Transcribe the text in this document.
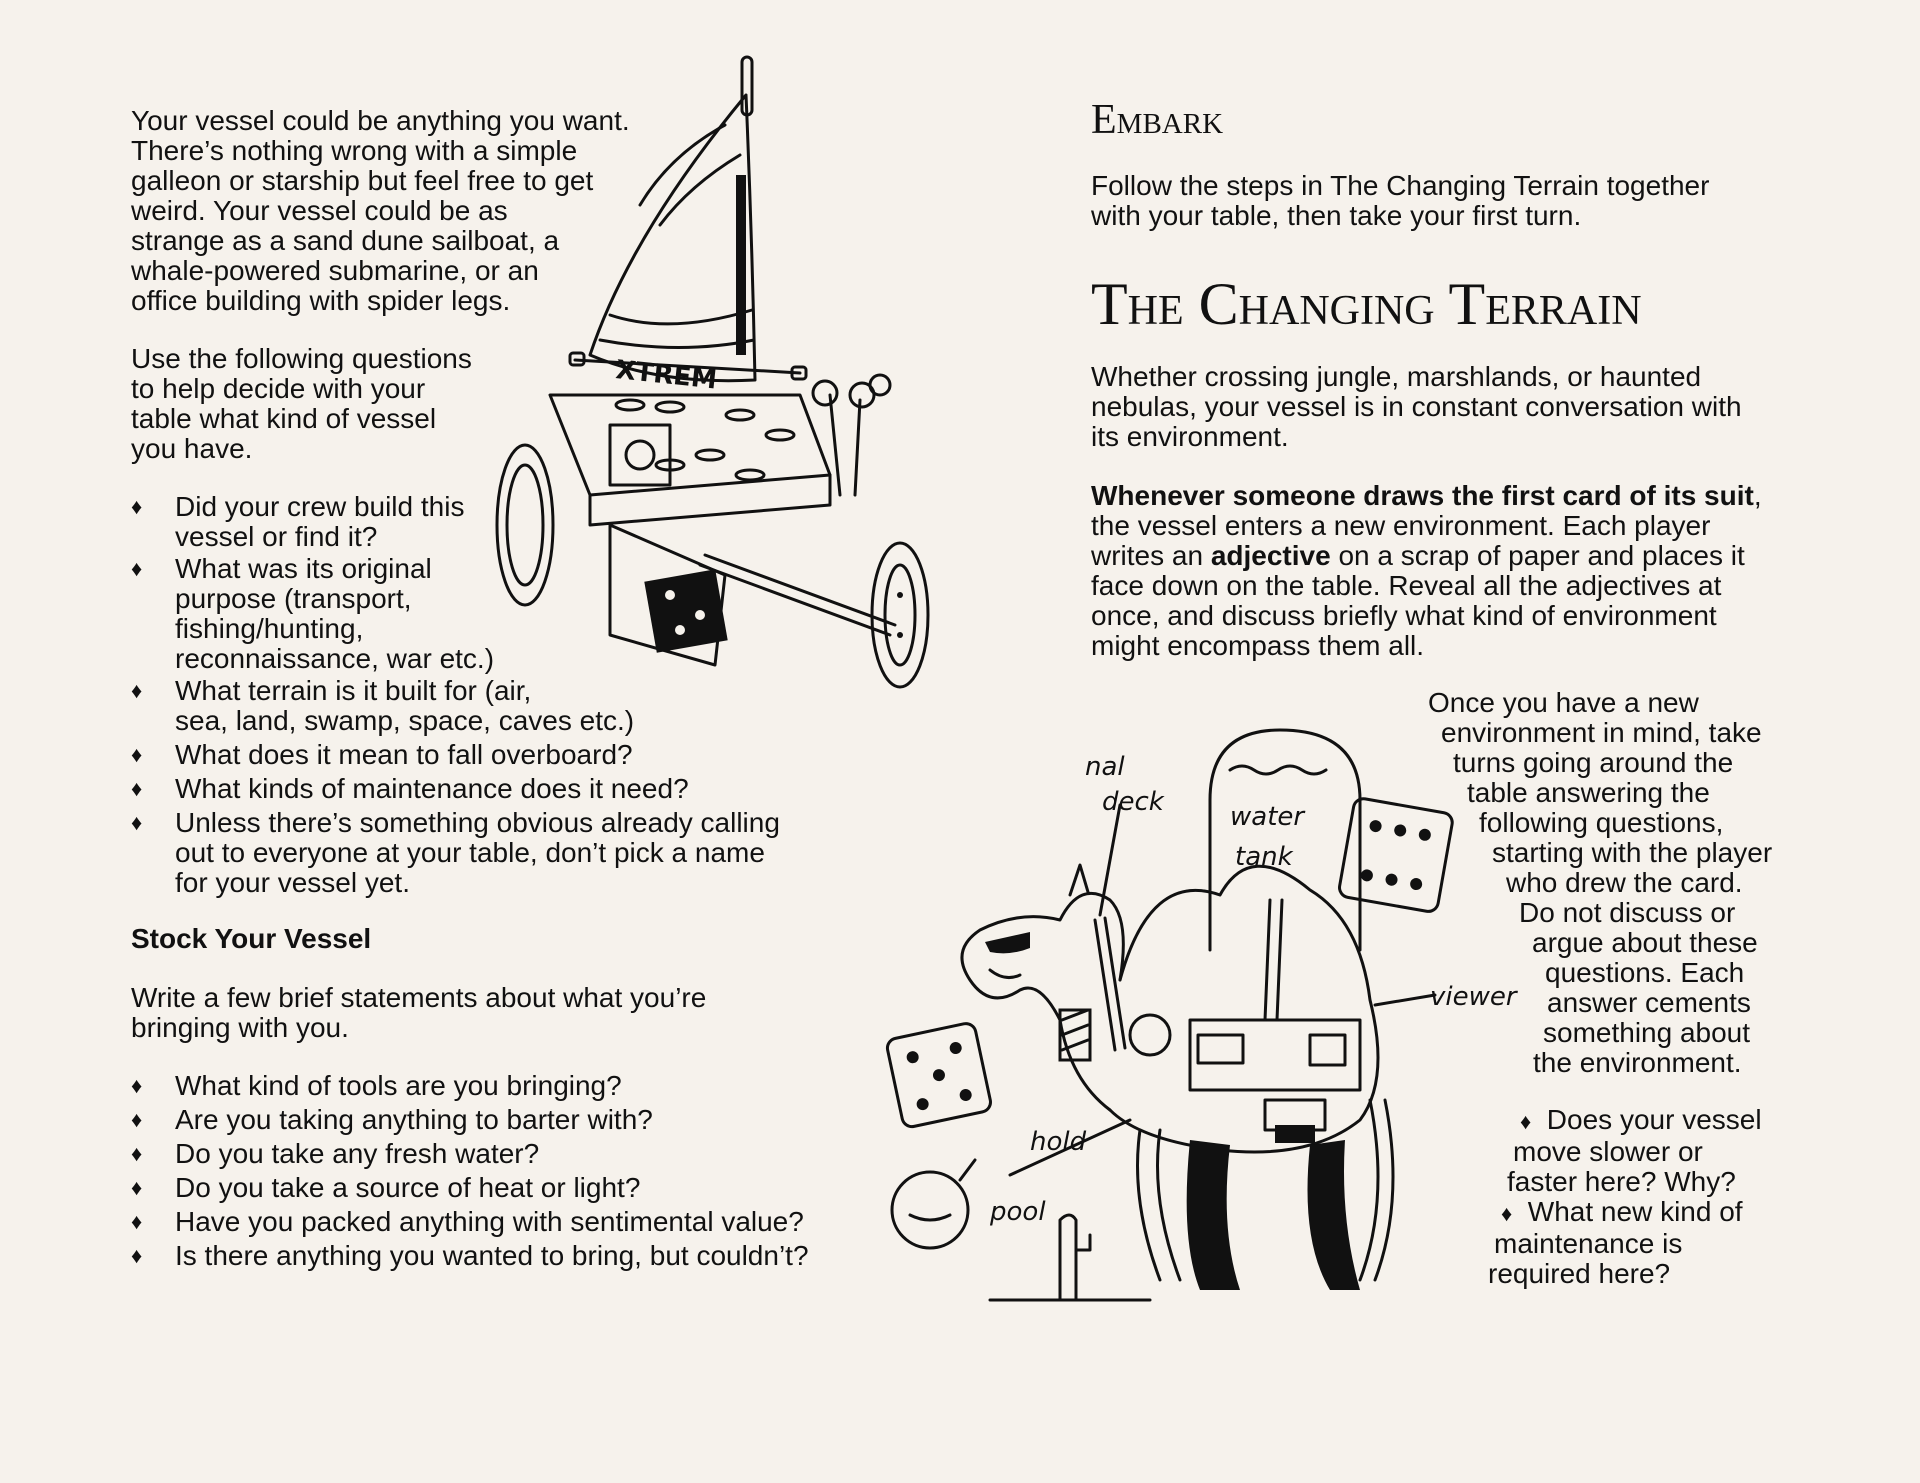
Your vessel could be anything you want.
There’s nothing wrong with a simple
galleon or starship but feel free to get
weird. Your vessel could be as
strange as a sand dune sailboat, a
whale-powered submarine, or an
office building with spider legs.
Use the following questions
to help decide with your
table what kind of vessel
you have.
♦ Did your crew build this
vessel or find it?
♦ What was its original
purpose (transport,
fishing/hunting,
reconnaissance, war etc.)
♦ What terrain is it built for (air,
sea, land, swamp, space, caves etc.)
♦ What does it mean to fall overboard?
♦ What kinds of maintenance does it need?
♦ Unless there’s something obvious already calling
out to everyone at your table, don’t pick a name
for your vessel yet.
Stock Your Vessel
Write a few brief statements about what you’re
bringing with you.
♦ What kind of tools are you bringing?
♦ Are you taking anything to barter with?
♦ Do you take any fresh water?
♦ Do you take a source of heat or light?
♦ Have you packed anything with sentimental value?
♦ Is there anything you wanted to bring, but couldn’t?
XTREM
Embark
Follow the steps in The Changing Terrain together
with your table, then take your first turn.
The Changing Terrain
Whether crossing jungle, marshlands, or haunted
nebulas, your vessel is in constant conversation with
its environment.
Whenever someone draws the first card of its suit,
the vessel enters a new environment. Each player
writes an adjective on a scrap of paper and places it
face down on the table. Reveal all the adjectives at
once, and discuss briefly what kind of environment
might encompass them all.
Once you have a new
environment in mind, take
turns going around the
table answering the
following questions,
starting with the player
who drew the card.
Do not discuss or
argue about these
questions. Each
answer cements
something about
the environment.
♦ Does your vessel
move slower or
faster here? Why?
♦ What new kind of
maintenance is
required here?
nal
deck	water
tank
viewer
hold
pool
